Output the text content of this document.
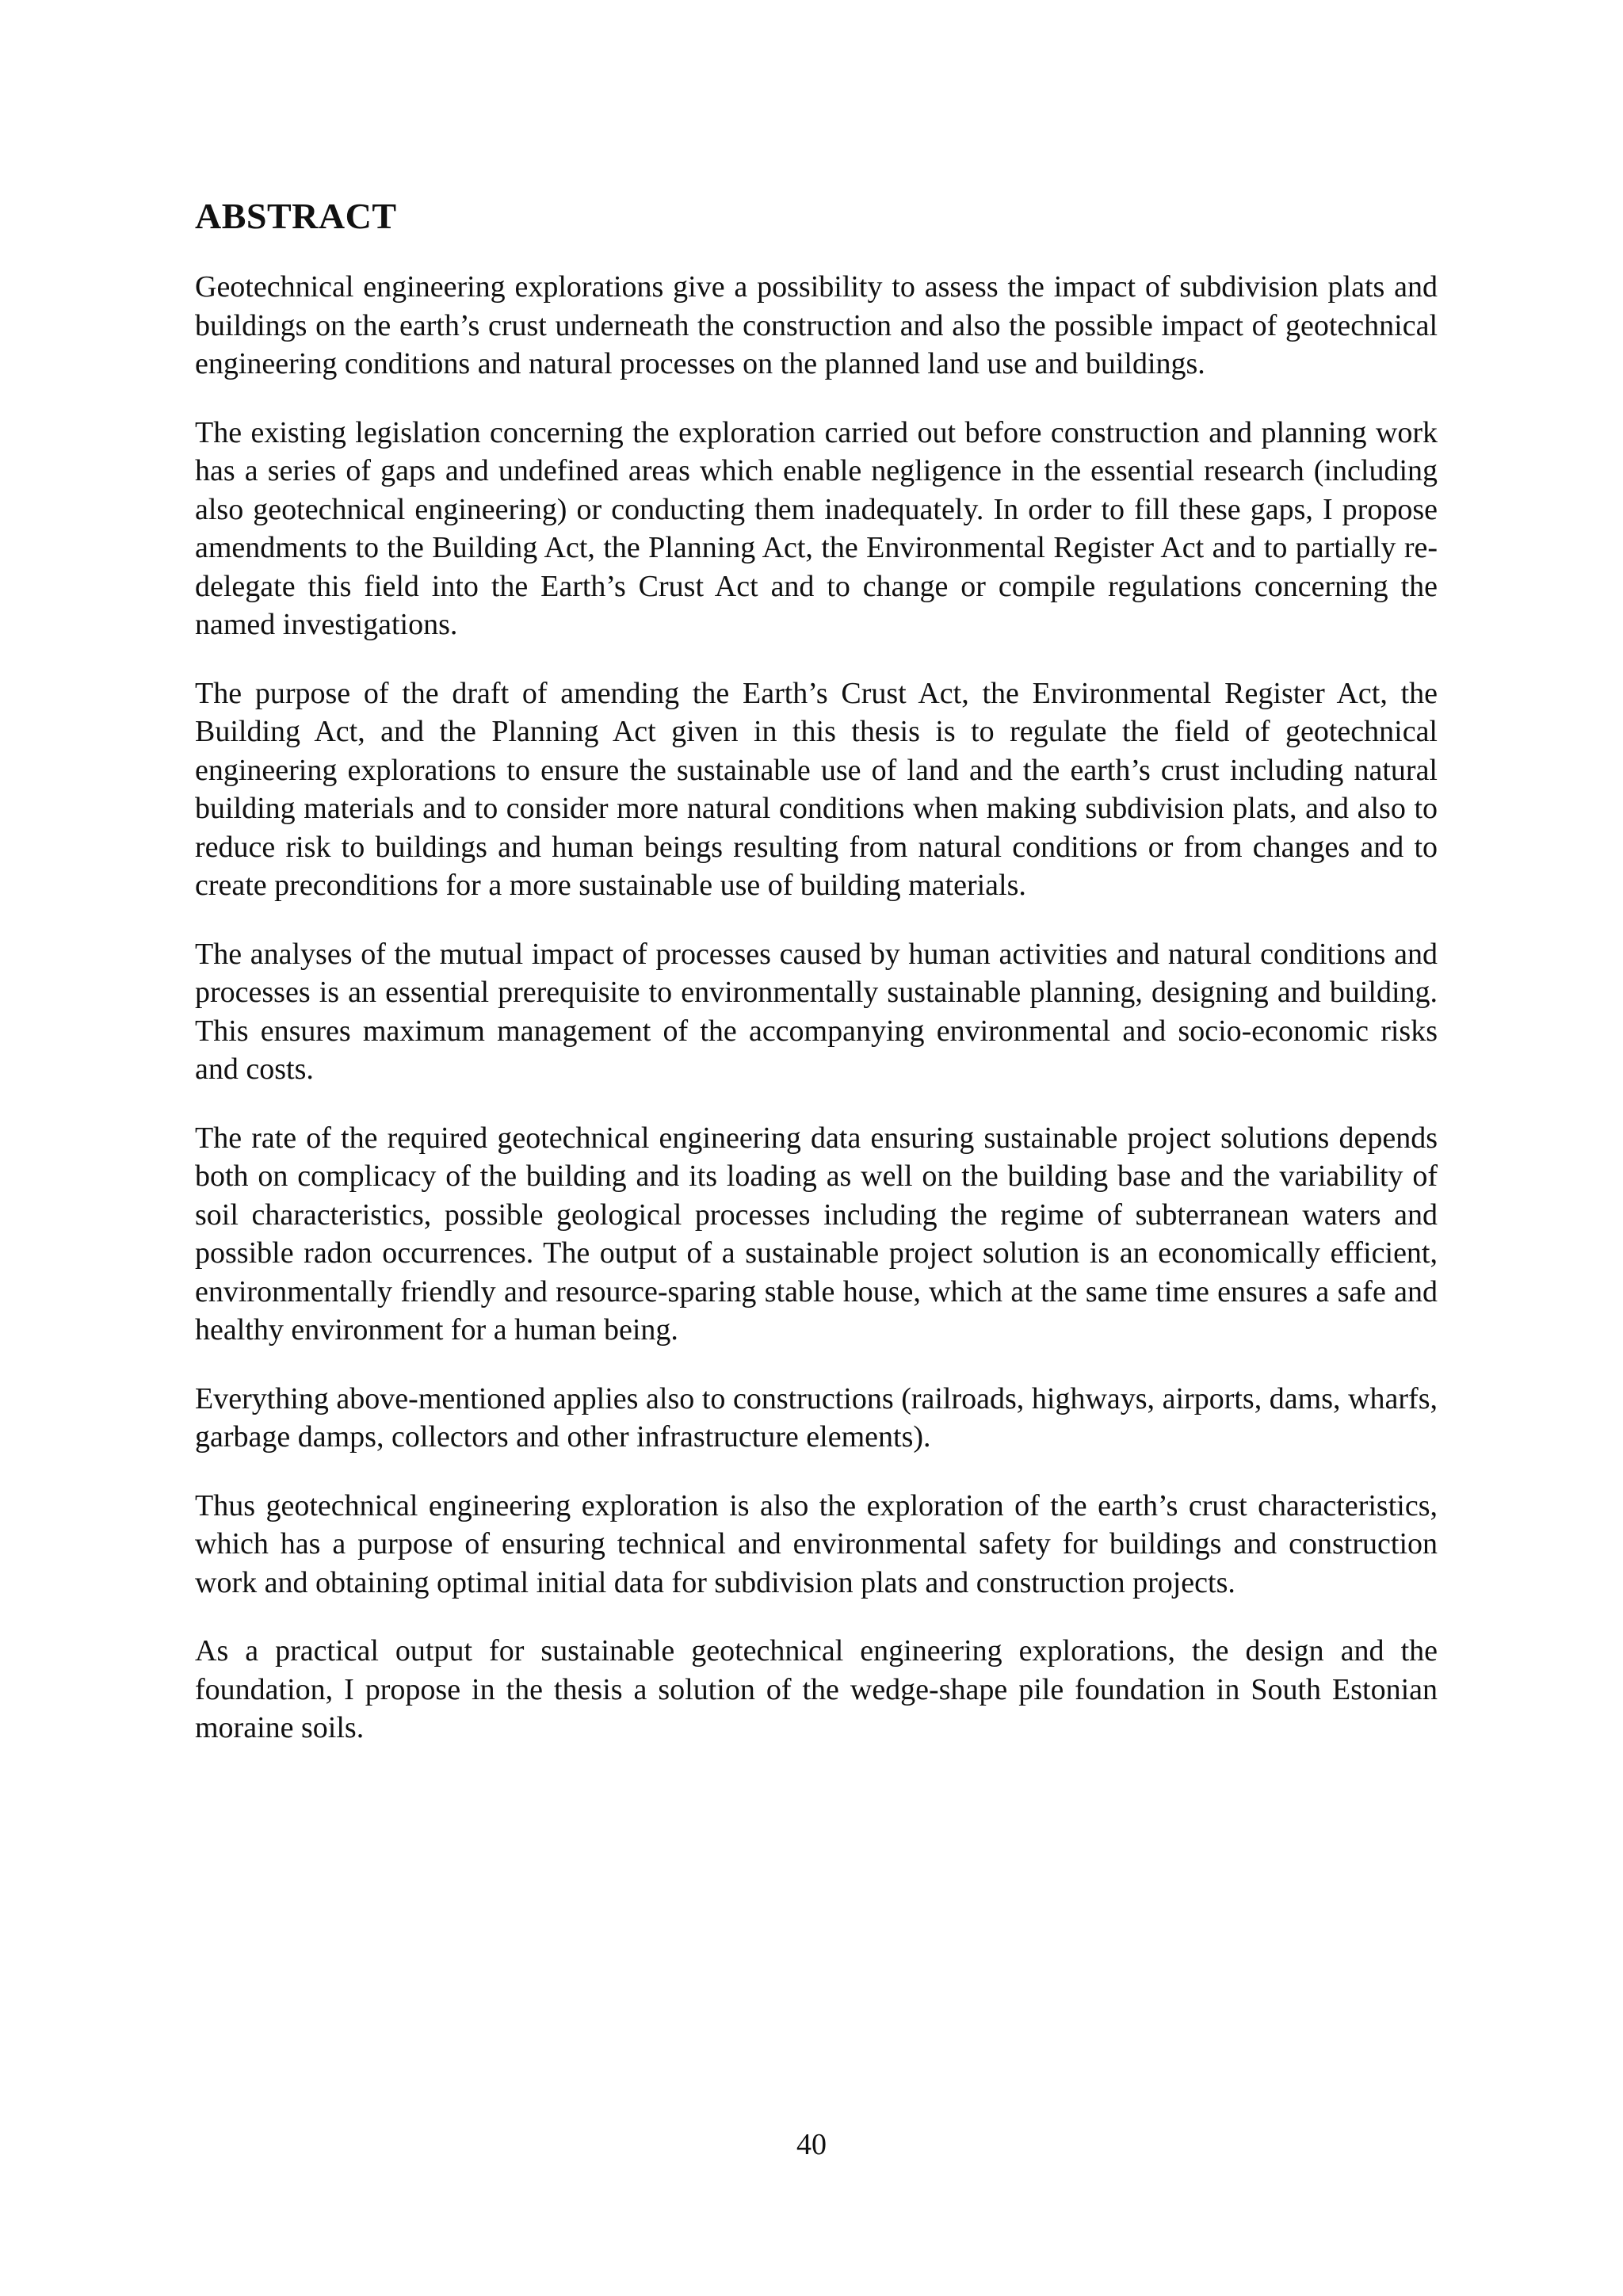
ABSTRACT

Geotechnical engineering explorations give a possibility to assess the impact of subdivision plats and buildings on the earth’s crust underneath the construction and also the possible impact of geotechnical engineering conditions and natural processes on the planned land use and buildings.

The existing legislation concerning the exploration carried out before construction and planning work has a series of gaps and undefined areas which enable negligence in the essential research (including also geotechnical engineering) or conducting them inadequately. In order to fill these gaps, I propose amendments to the Building Act, the Planning Act, the Environmental Register Act and to partially re-delegate this field into the Earth’s Crust Act and to change or compile regulations concerning the named investigations.

The purpose of the draft of amending the Earth’s Crust Act, the Environmental Register Act, the Building Act, and the Planning Act given in this thesis is to regulate the field of geotechnical engineering explorations to ensure the sustainable use of land and the earth’s crust including natural building materials and to consider more natural conditions when making subdivision plats, and also to reduce risk to buildings and human beings resulting from natural conditions or from changes and to create preconditions for a more sustainable use of building materials.

The analyses of the mutual impact of processes caused by human activities and natural conditions and processes is an essential prerequisite to environmentally sustainable planning, designing and building. This ensures maximum management of the accompanying environmental and socio-economic risks and costs.

The rate of the required geotechnical engineering data ensuring sustainable project solutions depends both on complicacy of the building and its loading as well on the building base and the variability of soil characteristics, possible geological processes including the regime of subterranean waters and possible radon occurrences. The output of a sustainable project solution is an economically efficient, environmentally friendly and resource-sparing stable house, which at the same time ensures a safe and healthy environment for a human being.

Everything above-mentioned applies also to constructions (railroads, highways, airports, dams, wharfs, garbage damps, collectors and other infrastructure elements).

Thus geotechnical engineering exploration is also the exploration of the earth’s crust characteristics, which has a purpose of ensuring technical and environmental safety for buildings and construction work and obtaining optimal initial data for subdivision plats and construction projects.

As a practical output for sustainable geotechnical engineering explorations, the design and the foundation, I propose in the thesis a solution of the wedge-shape pile foundation in South Estonian moraine soils.

40
